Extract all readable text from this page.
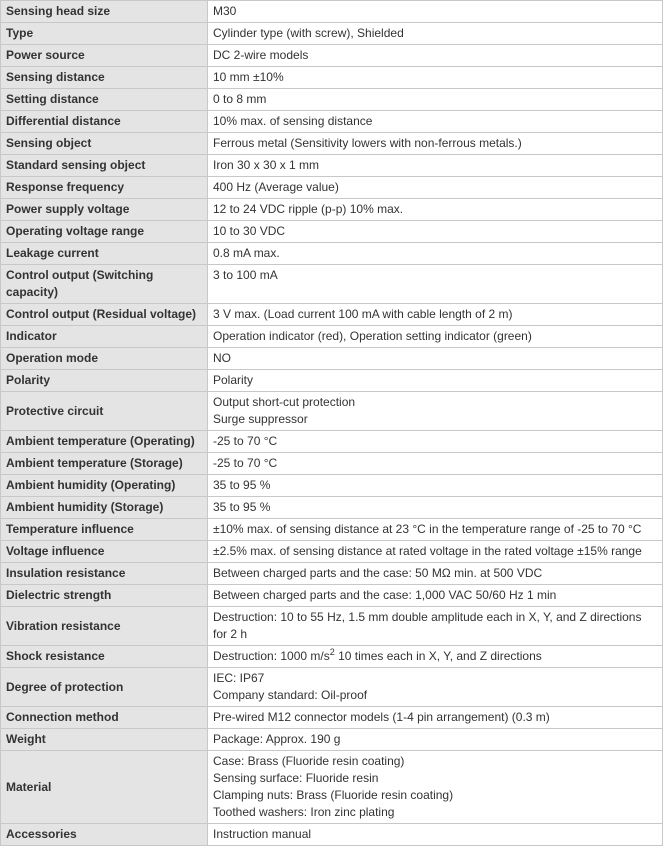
Sensing head size	M30

Type	Cylinder type (with screw), Shielded

Power source	DC 2-wire models

Sensing distance	10 mm ±10%

Setting distance	0 to 8 mm

Differential distance	10% max. of sensing distance

Sensing object	Ferrous metal (Sensitivity lowers with non-ferrous metals.)

Standard sensing object	Iron 30 x 30 x 1 mm

Response frequency	400 Hz (Average value)

Power supply voltage	12 to 24 VDC ripple (p-p) 10% max.

Operating voltage range	10 to 30 VDC

Leakage current	0.8 mA max.

Control output (Switching capacity)	3 to 100 mA

Control output (Residual voltage)	3 V max. (Load current 100 mA with cable length of 2 m)

Indicator	Operation indicator (red), Operation setting indicator (green)

Operation mode	NO

Polarity	Polarity

Protective circuit	Output short-cut protection
Surge suppressor

Ambient temperature (Operating)	-25 to 70 °C

Ambient temperature (Storage)	-25 to 70 °C

Ambient humidity (Operating)	35 to 95 %

Ambient humidity (Storage)	35 to 95 %

Temperature influence	±10% max. of sensing distance at 23 °C in the temperature range of -25 to 70 °C

Voltage influence	±2.5% max. of sensing distance at rated voltage in the rated voltage ±15% range

Insulation resistance	Between charged parts and the case: 50 MΩ min. at 500 VDC

Dielectric strength	Between charged parts and the case: 1,000 VAC 50/60 Hz 1 min

Vibration resistance	Destruction: 10 to 55 Hz, 1.5 mm double amplitude each in X, Y, and Z directions for 2 h

Shock resistance	Destruction: 1000 $m/s^2$ 10 times each in X, Y, and Z directions
Degree of protection	IEC: IP67
Company standard: Oil-proof

Connection method	Pre-wired M12 connector models (1-4 pin arrangement) (0.3 m)

Weight	Package: Approx. 190 g

Material	Case: Brass (Fluoride resin coating)
Sensing surface: Fluoride resin
Clamping nuts: Brass (Fluoride resin coating)
Toothed washers: Iron zinc plating

Accessories	Instruction manual
